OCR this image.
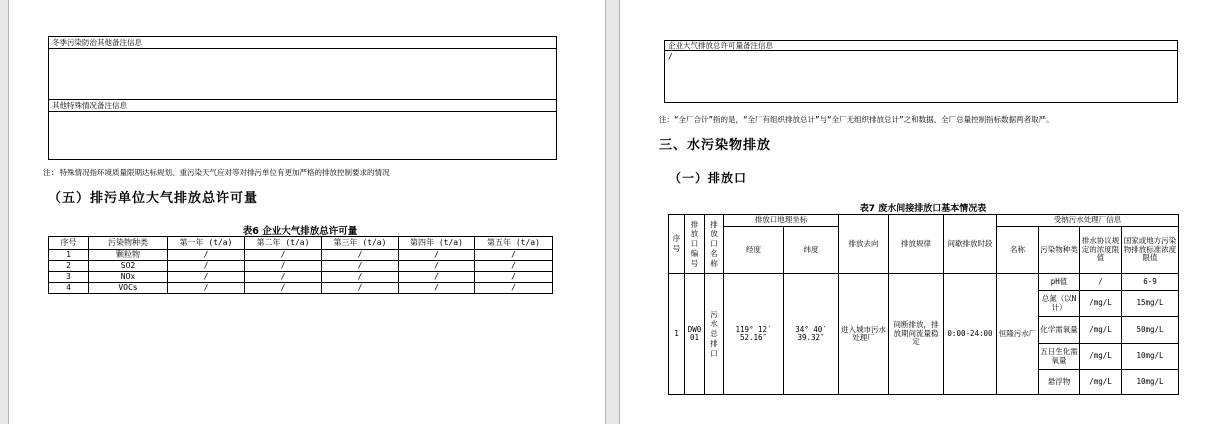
冬季污染防治其他备注信息
其他特殊情况备注信息
注: 特殊情况指环境质量限期达标规划、重污染天气应对等对排污单位有更加严格的排放控制要求的情况
（五）排污单位大气排放总许可量
表6 企业大气排放总许可量
序号	污染物种类	第一年 (t/a)	第二年 (t/a)	第三年 (t/a)	第四年 (t/a)	第五年 (t/a)
1	颗粒物	/	/	/	/	/
2	SO2	/	/	/	/	/
3	NOx	/	/	/	/	/
4	VOCs	/	/	/	/	/
企业大气排放总许可量备注信息
/
注：“全厂合计”指的是，“全厂有组织排放总计”与“全厂无组织排放总计”之和数据、全厂总量控制指标数据两者取严。
三、水污染物排放
（一）排放口
表7 废水间接排放口基本情况表
序号	排放口编号	排放口名称	排放口地理坐标		排放去向	排放规律	间歇排放时段	受纳污水处理厂信息			
			经度	纬度				名称	污染物种类	排水协议规定的浓度限值	国家或地方污染物排放标准浓度限值
1	DW001	污水总排口	119° 12′ 52.16″	34° 40′ 39.32″	进入城市污水处理厂	间断排放，排放期间流量稳定	0:00-24:00	恒隆污水厂	pH值	/	6-9
									总氮（以N计）	/mg/L	15mg/L
									化学需氧量	/mg/L	50mg/L
									五日生化需氧量	/mg/L	10mg/L
									悬浮物	/mg/L	10mg/L
